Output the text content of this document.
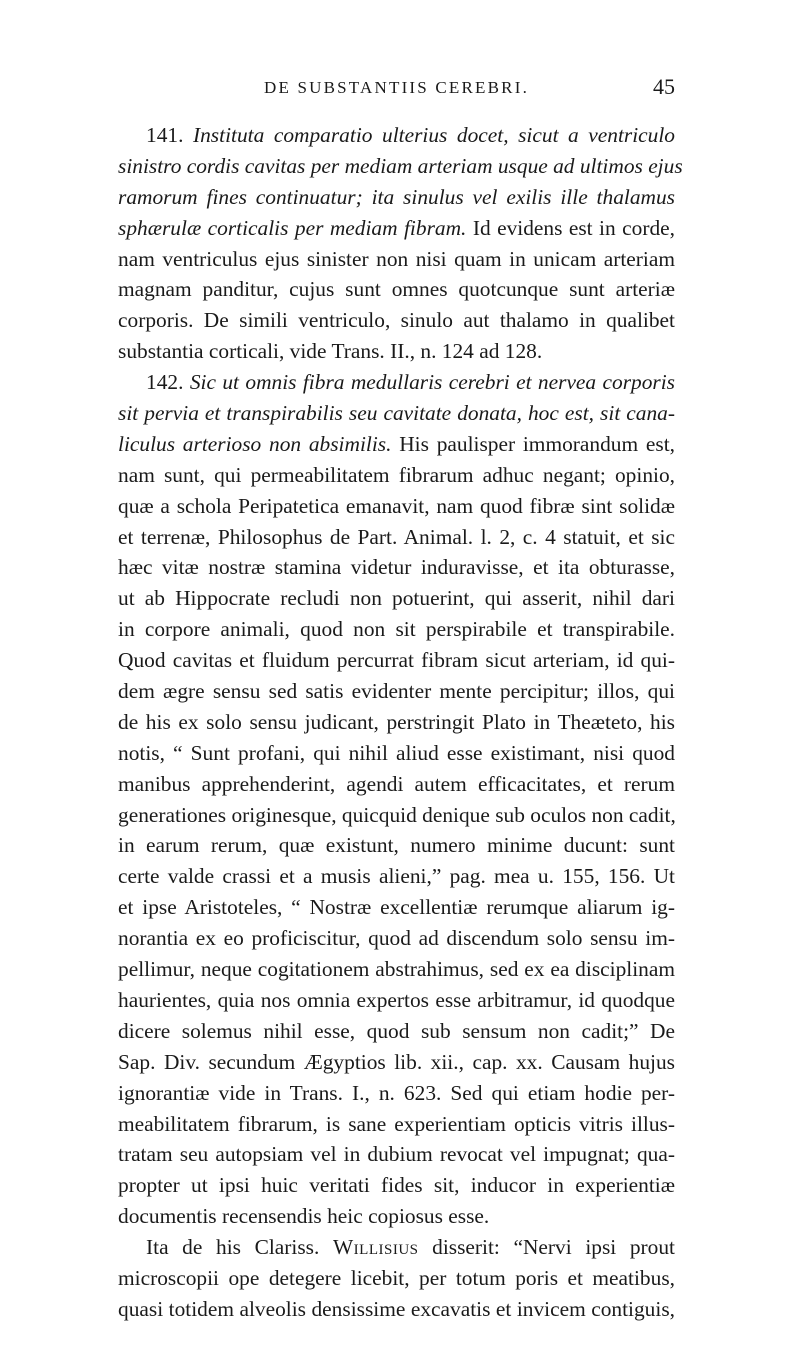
DE SUBSTANTIIS CEREBRI.	45
141. Instituta comparatio ulterius docet, sicut a ventriculo
sinistro cordis cavitas per mediam arteriam usque ad ultimos ejus
ramorum fines continuatur; ita sinulus vel exilis ille thalamus
sphærulæ corticalis per mediam fibram. Id evidens est in corde,
nam ventriculus ejus sinister non nisi quam in unicam arteriam
magnam panditur, cujus sunt omnes quotcunque sunt arteriæ
corporis. De simili ventriculo, sinulo aut thalamo in qualibet
substantia corticali, vide Trans. II., n. 124 ad 128.
142. Sic ut omnis fibra medullaris cerebri et nervea corporis
sit pervia et transpirabilis seu cavitate donata, hoc est, sit cana-
liculus arterioso non absimilis. His paulisper immorandum est,
nam sunt, qui permeabilitatem fibrarum adhuc negant; opinio,
quæ a schola Peripatetica emanavit, nam quod fibræ sint solidæ
et terrenæ, Philosophus de Part. Animal. l. 2, c. 4 statuit, et sic
hæc vitæ nostræ stamina videtur induravisse, et ita obturasse,
ut ab Hippocrate recludi non potuerint, qui asserit, nihil dari
in corpore animali, quod non sit perspirabile et transpirabile.
Quod cavitas et fluidum percurrat fibram sicut arteriam, id qui-
dem ægre sensu sed satis evidenter mente percipitur; illos, qui
de his ex solo sensu judicant, perstringit Plato in Theæteto, his
notis, “ Sunt profani, qui nihil aliud esse existimant, nisi quod
manibus apprehenderint, agendi autem efficacitates, et rerum
generationes originesque, quicquid denique sub oculos non cadit,
in earum rerum, quæ existunt, numero minime ducunt: sunt
certe valde crassi et a musis alieni,” pag. mea u. 155, 156. Ut
et ipse Aristoteles, “ Nostræ excellentiæ rerumque aliarum ig-
norantia ex eo proficiscitur, quod ad discendum solo sensu im-
pellimur, neque cogitationem abstrahimus, sed ex ea disciplinam
haurientes, quia nos omnia expertos esse arbitramur, id quodque
dicere solemus nihil esse, quod sub sensum non cadit;” De
Sap. Div. secundum Ægyptios lib. xii., cap. xx. Causam hujus
ignorantiæ vide in Trans. I., n. 623. Sed qui etiam hodie per-
meabilitatem fibrarum, is sane experientiam opticis vitris illus-
tratam seu autopsiam vel in dubium revocat vel impugnat; qua-
propter ut ipsi huic veritati fides sit, inducor in experientiæ
documentis recensendis heic copiosus esse.
Ita de his Clariss. Willisius disserit: “Nervi ipsi prout
microscopii ope detegere licebit, per totum poris et meatibus,
quasi totidem alveolis densissime excavatis et invicem contiguis,
